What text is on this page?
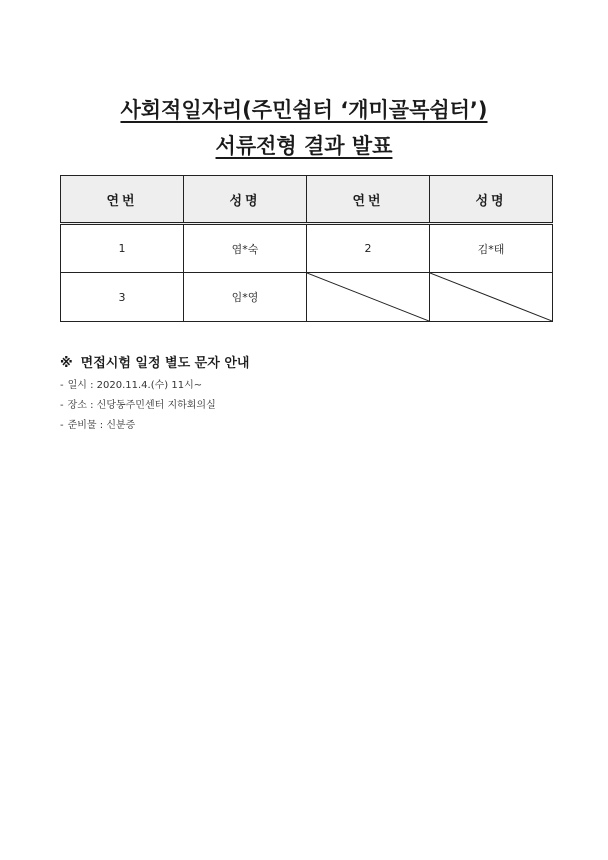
사회적일자리(주민쉼터 ‘개미골목쉼터’)
서류전형 결과 발표
연번	성명	연번	성명
1	염*숙	2	김*태
3	임*영	

※ 면접시험 일정 별도 문자 안내
- 일시 : 2020.11.4.(수) 11시~
- 장소 : 신당동주민센터 지하회의실
- 준비물 : 신분증
